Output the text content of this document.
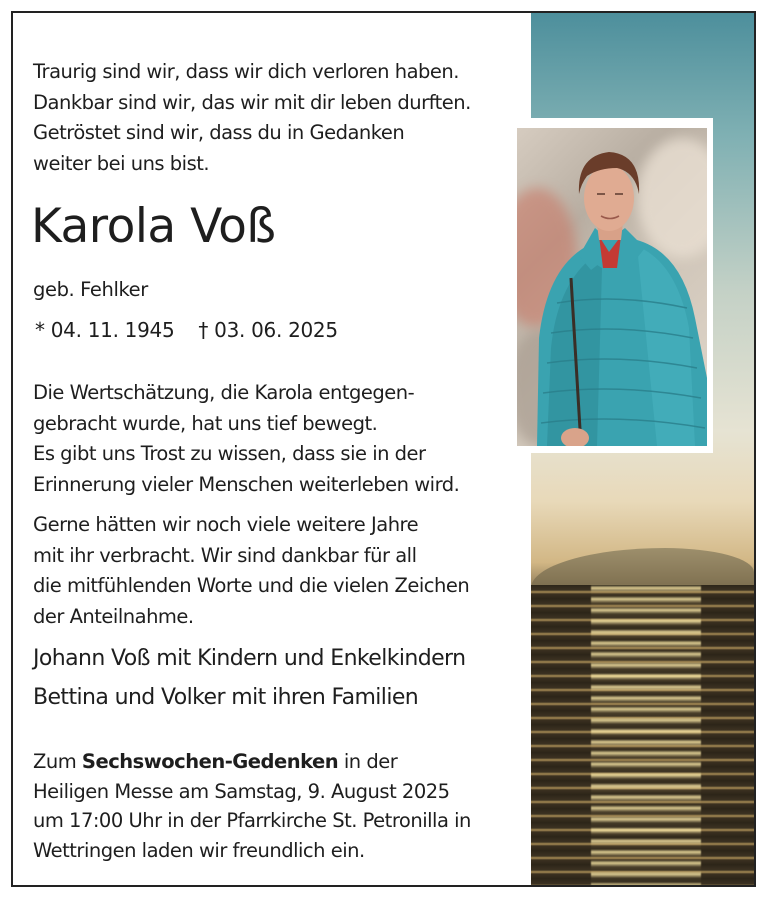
Traurig sind wir, dass wir dich verloren haben.

Dankbar sind wir, das wir mit dir leben durften.

Getröstet sind wir, dass du in Gedanken

weiter bei uns bist.

Karola Voß
geb. Fehlker
* 04. 11. 1945 † 03. 06. 2025

Die Wertschätzung, die Karola entgegen-

gebracht wurde, hat uns tief bewegt.

Es gibt uns Trost zu wissen, dass sie in der

Erinnerung vieler Menschen weiterleben wird.

Gerne hätten wir noch viele weitere Jahre

mit ihr verbracht. Wir sind dankbar für all

die mitfühlenden Worte und die vielen Zeichen

der Anteilnahme.

Johann Voß mit Kindern und Enkelkindern

Bettina und Volker mit ihren Familien

Zum Sechswochen-Gedenken in der

Heiligen Messe am Samstag, 9. August 2025

um 17:00 Uhr in der Pfarrkirche St. Petronilla in

Wettringen laden wir freundlich ein.
